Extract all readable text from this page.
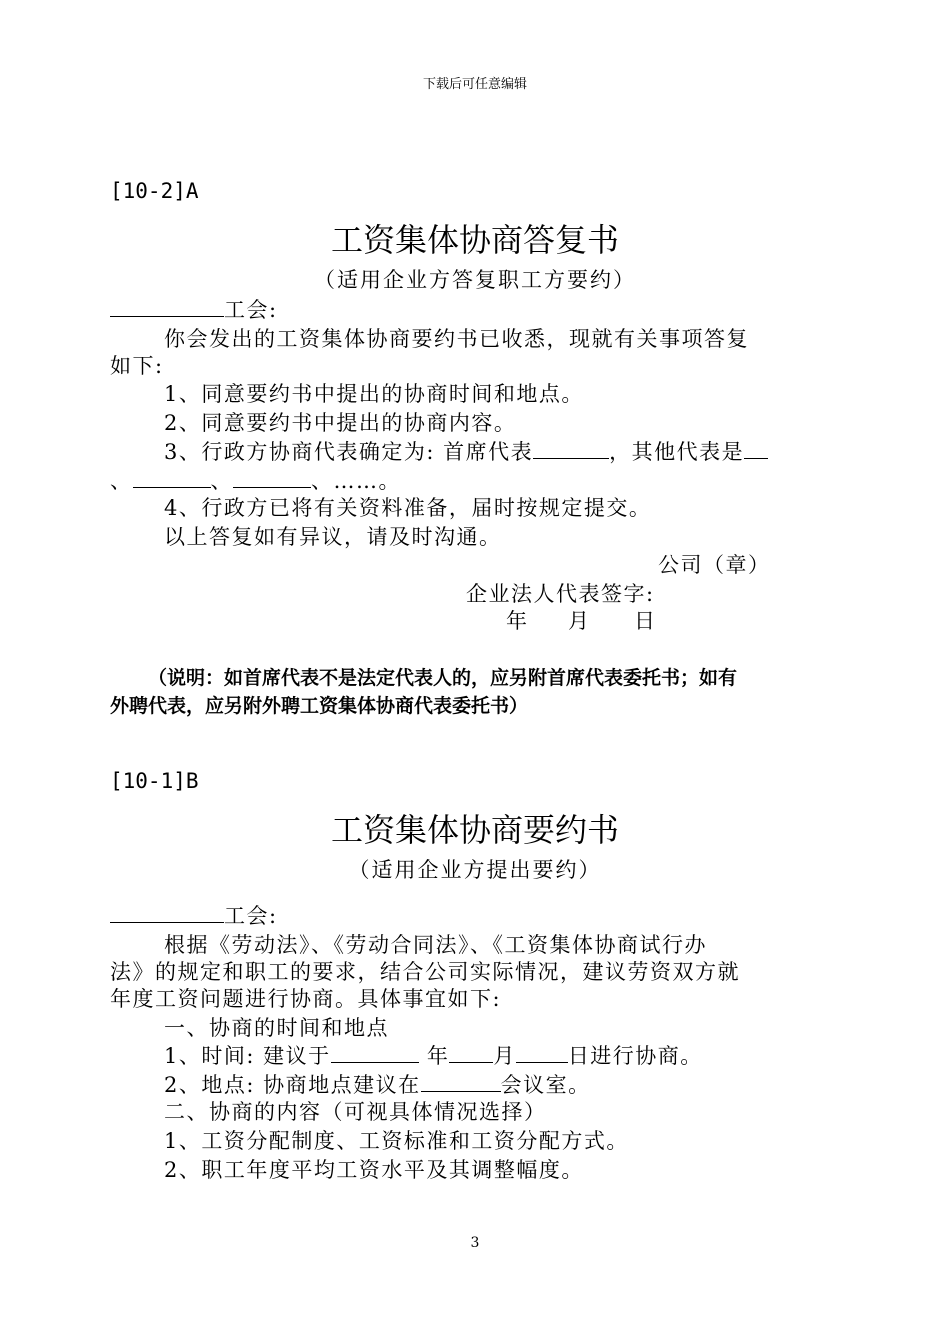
下载后可任意编辑
[10-2]A
工资集体协商答复书
（适用企业方答复职工方要约）
工会:
你会发出的工资集体协商要约书已收悉，现就有关事项答复
如下:
1、同意要约书中提出的协商时间和地点。
2、同意要约书中提出的协商内容。
3、行政方协商代表确定为: 首席代表	，其他代表是
、	、	、……。
4、行政方已将有关资料准备，届时按规定提交。
以上答复如有异议，请及时沟通。
公司（章）
企业法人代表签字:
年 月 日
（说明：如首席代表不是法定代表人的，应另附首席代表委托书；如有
外聘代表，应另附外聘工资集体协商代表委托书）
[10-1]B
工资集体协商要约书
（适用企业方提出要约）
工会:
根据《劳动法》、《劳动合同法》、《工资集体协商试行办
法》的规定和职工的要求，结合公司实际情况，建议劳资双方就
年度工资问题进行协商。具体事宜如下:
一、协商的时间和地点
1、时间: 建议于	年 月 日进行协商。
2、地点: 协商地点建议在	会议室。
二、协商的内容（可视具体情况选择）
1、工资分配制度、工资标准和工资分配方式。
2、职工年度平均工资水平及其调整幅度。
3
